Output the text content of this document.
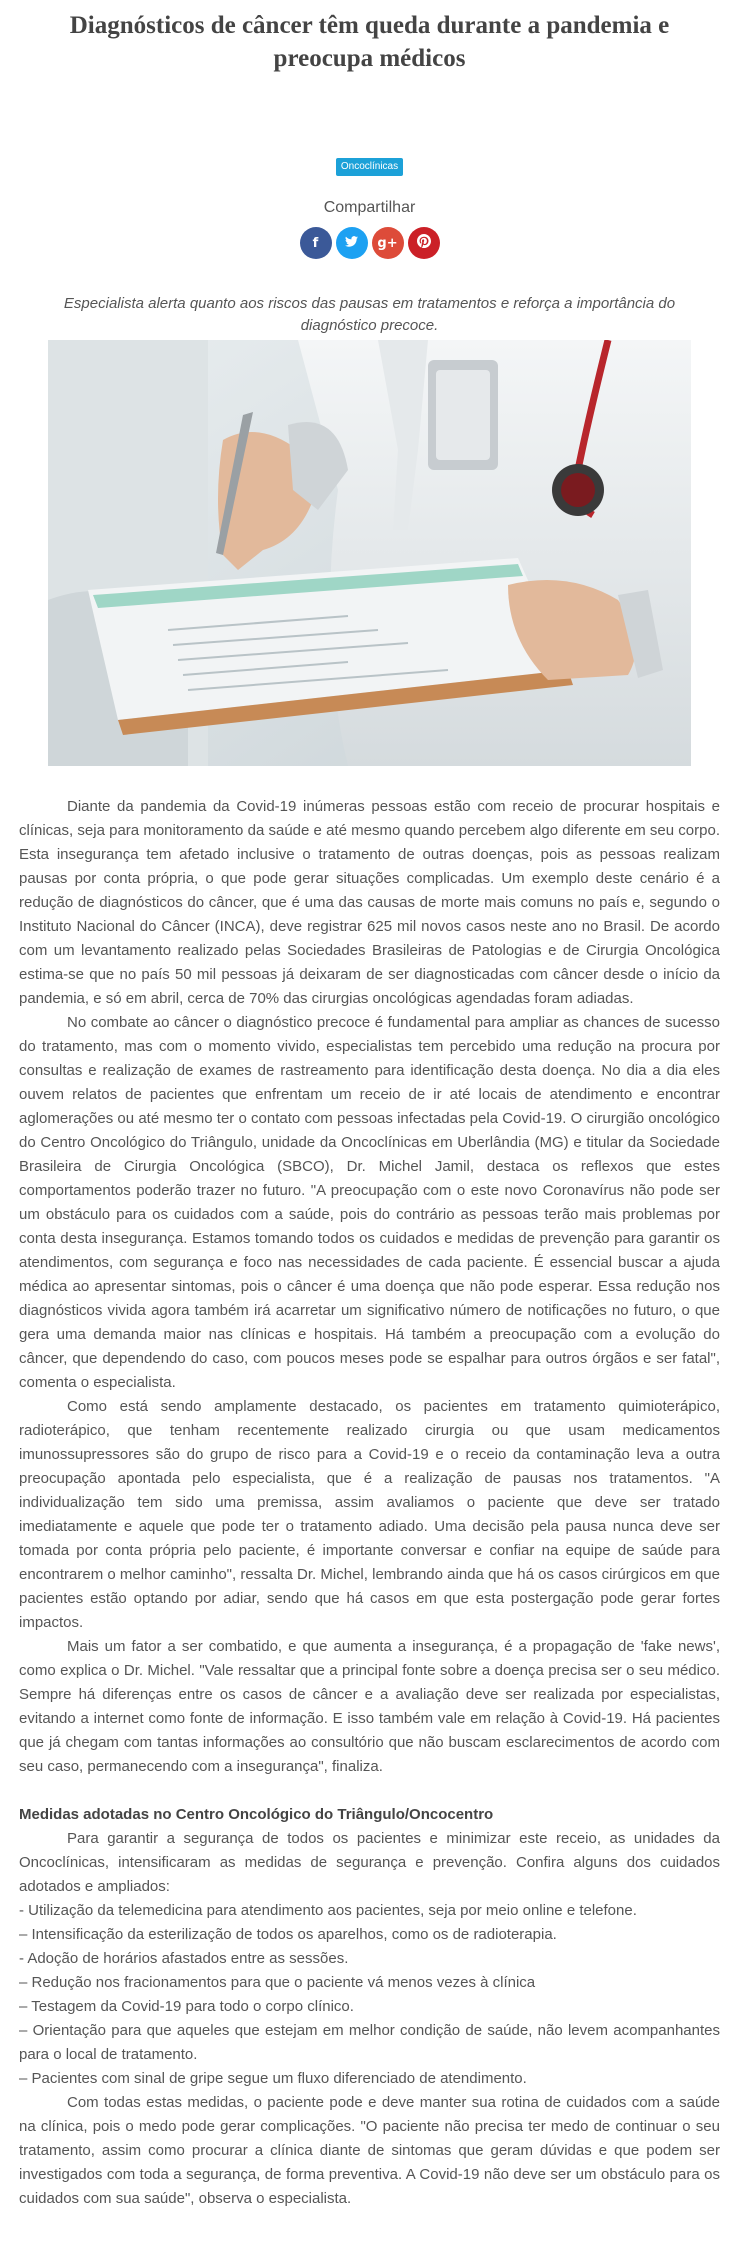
Diagnósticos de câncer têm queda durante a pandemia e preocupa médicos
Oncoclínicas
Compartilhar
f	g+

Especialista alerta quanto aos riscos das pausas em tratamentos e reforça a importância do diagnóstico precoce.

Diante da pandemia da Covid-19 inúmeras pessoas estão com receio de procurar hospitais e clínicas, seja para monitoramento da saúde e até mesmo quando percebem algo diferente em seu corpo. Esta insegurança tem afetado inclusive o tratamento de outras doenças, pois as pessoas realizam pausas por conta própria, o que pode gerar situações complicadas. Um exemplo deste cenário é a redução de diagnósticos do câncer, que é uma das causas de morte mais comuns no país e, segundo o Instituto Nacional do Câncer (INCA), deve registrar 625 mil novos casos neste ano no Brasil. De acordo com um levantamento realizado pelas Sociedades Brasileiras de Patologias e de Cirurgia Oncológica estima-se que no país 50 mil pessoas já deixaram de ser diagnosticadas com câncer desde o início da pandemia, e só em abril, cerca de 70% das cirurgias oncológicas agendadas foram adiadas.

No combate ao câncer o diagnóstico precoce é fundamental para ampliar as chances de sucesso do tratamento, mas com o momento vivido, especialistas tem percebido uma redução na procura por consultas e realização de exames de rastreamento para identificação desta doença. No dia a dia eles ouvem relatos de pacientes que enfrentam um receio de ir até locais de atendimento e encontrar aglomerações ou até mesmo ter o contato com pessoas infectadas pela Covid-19. O cirurgião oncológico do Centro Oncológico do Triângulo, unidade da Oncoclínicas em Uberlândia (MG) e titular da Sociedade Brasileira de Cirurgia Oncológica (SBCO), Dr. Michel Jamil, destaca os reflexos que estes comportamentos poderão trazer no futuro. "A preocupação com o este novo Coronavírus não pode ser um obstáculo para os cuidados com a saúde, pois do contrário as pessoas terão mais problemas por conta desta insegurança. Estamos tomando todos os cuidados e medidas de prevenção para garantir os atendimentos, com segurança e foco nas necessidades de cada paciente. É essencial buscar a ajuda médica ao apresentar sintomas, pois o câncer é uma doença que não pode esperar. Essa redução nos diagnósticos vivida agora também irá acarretar um significativo número de notificações no futuro, o que gera uma demanda maior nas clínicas e hospitais. Há também a preocupação com a evolução do câncer, que dependendo do caso, com poucos meses pode se espalhar para outros órgãos e ser fatal", comenta o especialista.

Como está sendo amplamente destacado, os pacientes em tratamento quimioterápico, radioterápico, que tenham recentemente realizado cirurgia ou que usam medicamentos imunossupressores são do grupo de risco para a Covid-19 e o receio da contaminação leva a outra preocupação apontada pelo especialista, que é a realização de pausas nos tratamentos. "A individualização tem sido uma premissa, assim avaliamos o paciente que deve ser tratado imediatamente e aquele que pode ter o tratamento adiado. Uma decisão pela pausa nunca deve ser tomada por conta própria pelo paciente, é importante conversar e confiar na equipe de saúde para encontrarem o melhor caminho", ressalta Dr. Michel, lembrando ainda que há os casos cirúrgicos em que pacientes estão optando por adiar, sendo que há casos em que esta postergação pode gerar fortes impactos.

Mais um fator a ser combatido, e que aumenta a insegurança, é a propagação de 'fake news', como explica o Dr. Michel. "Vale ressaltar que a principal fonte sobre a doença precisa ser o seu médico. Sempre há diferenças entre os casos de câncer e a avaliação deve ser realizada por especialistas, evitando a internet como fonte de informação. E isso também vale em relação à Covid-19. Há pacientes que já chegam com tantas informações ao consultório que não buscam esclarecimentos de acordo com seu caso, permanecendo com a insegurança", finaliza.

Medidas adotadas no Centro Oncológico do Triângulo/Oncocentro

Para garantir a segurança de todos os pacientes e minimizar este receio, as unidades da Oncoclínicas, intensificaram as medidas de segurança e prevenção. Confira alguns dos cuidados adotados e ampliados:

- Utilização da telemedicina para atendimento aos pacientes, seja por meio online e telefone.

– Intensificação da esterilização de todos os aparelhos, como os de radioterapia.

- Adoção de horários afastados entre as sessões.

– Redução nos fracionamentos para que o paciente vá menos vezes à clínica

– Testagem da Covid-19 para todo o corpo clínico.

– Orientação para que aqueles que estejam em melhor condição de saúde, não levem acompanhantes para o local de tratamento.

– Pacientes com sinal de gripe segue um fluxo diferenciado de atendimento.

Com todas estas medidas, o paciente pode e deve manter sua rotina de cuidados com a saúde na clínica, pois o medo pode gerar complicações. "O paciente não precisa ter medo de continuar o seu tratamento, assim como procurar a clínica diante de sintomas que geram dúvidas e que podem ser investigados com toda a segurança, de forma preventiva. A Covid-19 não deve ser um obstáculo para os cuidados com sua saúde", observa o especialista.
